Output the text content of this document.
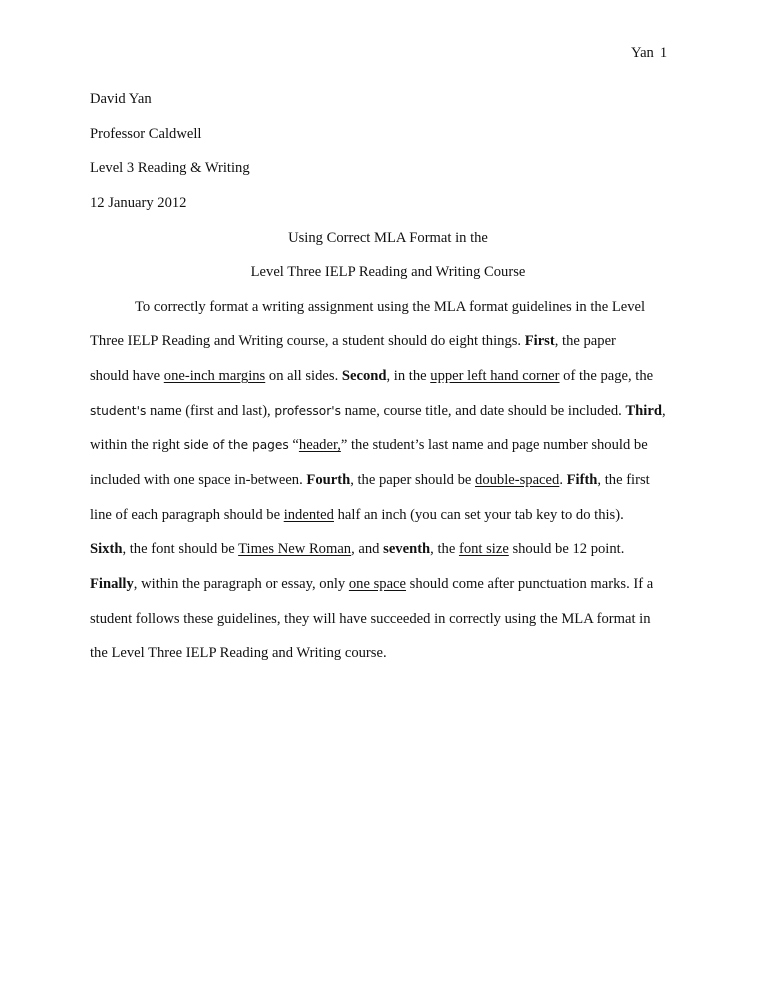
Yan 1
David Yan
Professor Caldwell
Level 3 Reading & Writing
12 January 2012
Using Correct MLA Format in the
Level Three IELP Reading and Writing Course
To correctly format a writing assignment using the MLA format guidelines in the Level
Three IELP Reading and Writing course, a student should do eight things. First, the paper
should have one-inch margins on all sides. Second, in the upper left hand corner of the page, the
student's name (first and last), professor's name, course title, and date should be included. Third,
within the right side of the pages “header,” the student’s last name and page number should be
included with one space in-between. Fourth, the paper should be double-spaced. Fifth, the first
line of each paragraph should be indented half an inch (you can set your tab key to do this).
Sixth, the font should be Times New Roman, and seventh, the font size should be 12 point.
Finally, within the paragraph or essay, only one space should come after punctuation marks. If a
student follows these guidelines, they will have succeeded in correctly using the MLA format in
the Level Three IELP Reading and Writing course.
